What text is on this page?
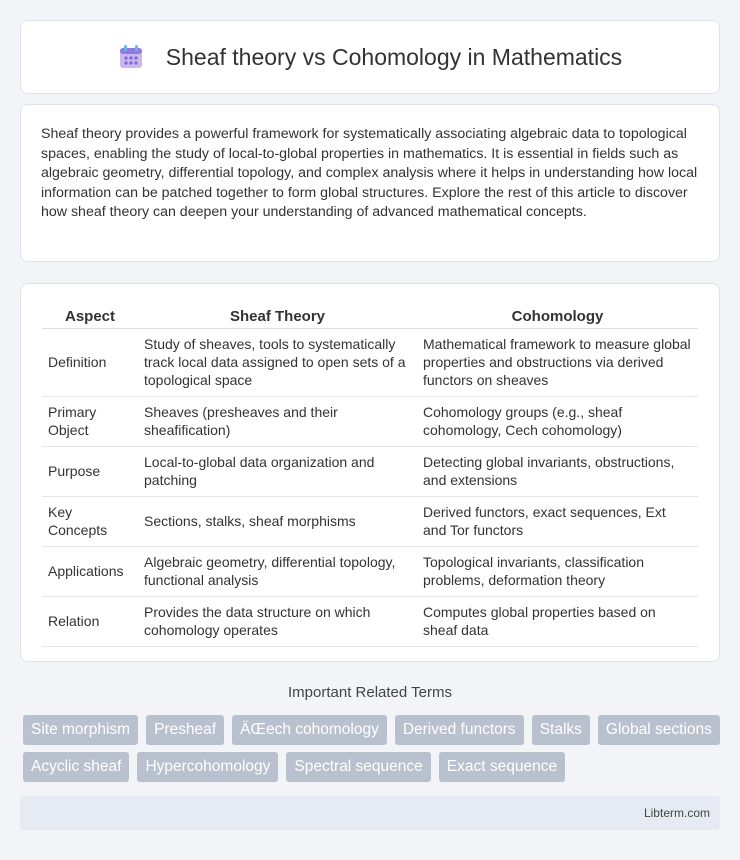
Sheaf theory vs Cohomology in Mathematics

Sheaf theory provides a powerful framework for systematically associating algebraic data to topological spaces, enabling the study of local-to-global properties in mathematics. It is essential in fields such as algebraic geometry, differential topology, and complex analysis where it helps in understanding how local information can be patched together to form global structures. Explore the rest of this article to discover how sheaf theory can deepen your understanding of advanced mathematical concepts.

Aspect	Sheaf Theory	Cohomology
Definition	Study of sheaves, tools to systematically track local data assigned to open sets of a topological space	Mathematical framework to measure global properties and obstructions via derived functors on sheaves
Primary Object	Sheaves (presheaves and their sheafification)	Cohomology groups (e.g., sheaf cohomology, Cech cohomology)
Purpose	Local-to-global data organization and patching	Detecting global invariants, obstructions, and extensions
Key Concepts	Sections, stalks, sheaf morphisms	Derived functors, exact sequences, Ext and Tor functors
Applications	Algebraic geometry, differential topology, functional analysis	Topological invariants, classification problems, deformation theory
Relation	Provides the data structure on which cohomology operates	Computes global properties based on sheaf data
Important Related Terms
Site morphism	Presheaf	ÄŒech cohomology	Derived functors	Stalks	Global sections
Acyclic sheaf	Hypercohomology	Spectral sequence	Exact sequence
Libterm.com
